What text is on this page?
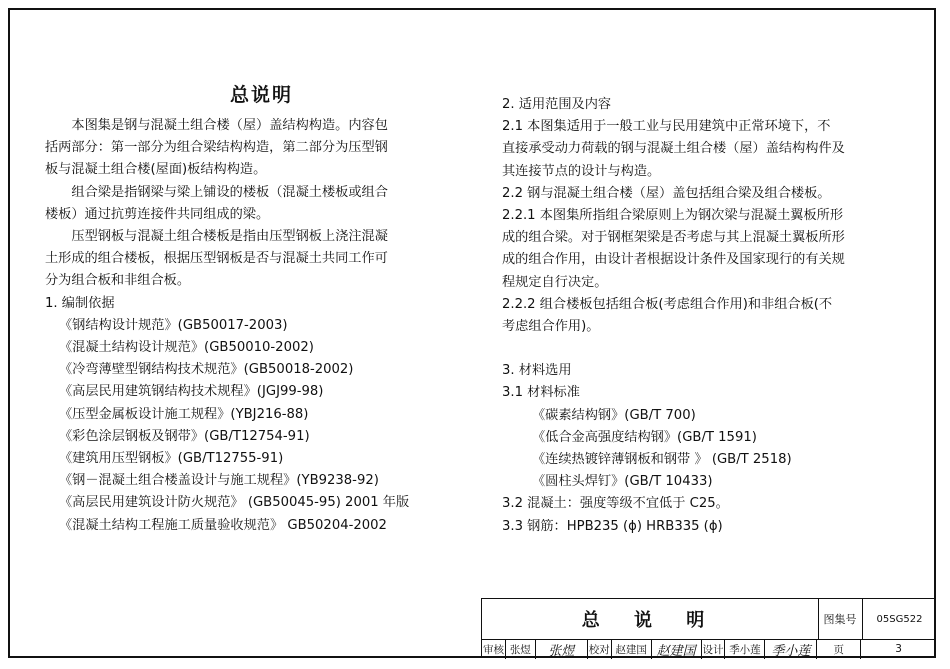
总说明

本图集是钢与混凝土组合楼（屋）盖结构构造。内容包
括两部分：第一部分为组合梁结构构造，第二部分为压型钢
板与混凝土组合楼(屋面)板结构构造。

组合梁是指钢梁与梁上铺设的楼板（混凝土楼板或组合
楼板）通过抗剪连接件共同组成的梁。

压型钢板与混凝土组合楼板是指由压型钢板上浇注混凝
土形成的组合楼板，根据压型钢板是否与混凝土共同工作可
分为组合板和非组合板。

1. 编制依据

《钢结构设计规范》(GB50017-2003)

《混凝土结构设计规范》(GB50010-2002)

《冷弯薄壁型钢结构技术规范》(GB50018-2002)

《高层民用建筑钢结构技术规程》(JGJ99-98)

《压型金属板设计施工规程》(YBJ216-88)

《彩色涂层钢板及钢带》(GB/T12754-91)

《建筑用压型钢板》(GB/T12755-91)

《钢－混凝土组合楼盖设计与施工规程》(YB9238-92)

《高层民用建筑设计防火规范》 (GB50045-95) 2001 年版

《混凝土结构工程施工质量验收规范》 GB50204-2002

2. 适用范围及内容

2.1 本图集适用于一般工业与民用建筑中正常环境下，不
直接承受动力荷载的钢与混凝土组合楼（屋）盖结构构件及
其连接节点的设计与构造。

2.2 钢与混凝土组合楼（屋）盖包括组合梁及组合楼板。

2.2.1 本图集所指组合梁原则上为钢次梁与混凝土翼板所形
成的组合梁。对于钢框架梁是否考虑与其上混凝土翼板所形
成的组合作用，由设计者根据设计条件及国家现行的有关规
程规定自行决定。

2.2.2 组合楼板包括组合板(考虑组合作用)和非组合板(不
考虑组合作用)。

3. 材料选用

3.1 材料标准

《碳素结构钢》(GB/T 700)

《低合金高强度结构钢》(GB/T 1591)

《连续热镀锌薄钢板和钢带 》 (GB/T 2518)

《圆柱头焊钉》(GB/T 10433)

3.2 混凝土：强度等级不宜低于 C25。

3.3 钢筋：HPB235 (ϕ) HRB335 (ϕ)

总 说 明	图集号	05SG522
审核 张煜	张煜	校对 赵建国 赵建国 设计 季小莲 季小莲	页	3
